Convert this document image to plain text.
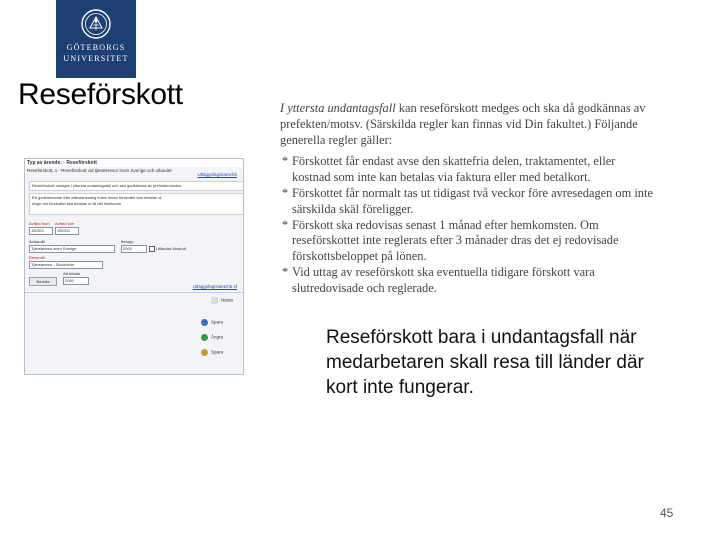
GÖTEBORGS
UNIVERSITET
Reseförskott
Typ av ärende: - Reseförskott
Reseförskott, 1 - Reseförskott vid tjänsteresor inom Sverige och utlandet
Utläggsfägistaetchb
Reseförskott medges i yttersta undantagsfall och ska godkännas av prefekten/motsv.
Ett godkännande från attestansvarig krävs innan förskottet kan betalas ut.
Ange om förskottet ska betalas ut till ditt lönekonto.
Avfärd from Avfärd tom
150311	150311
Ändamål	Belopp
Tjänsteresa inom Sverige	2000	Utländsk förskott
Resemål
Tjänsteresa - Stockholm
Att betala
Bereda	2000
Utläggsfägistaetchb.sf
Nästa
Spara
Ångra
Spara

I yttersta undantagsfall kan reseförskott medges och ska då godkännas av prefekten/motsv. (Särskilda regler kan finnas vid Din fakultet.) Följande generella regler gäller:

* Förskottet får endast avse den skattefria delen, traktamentet, eller kostnad som inte kan betalas via faktura eller med betalkort.
* Förskottet får normalt tas ut tidigast två veckor före avresedagen om inte särskilda skäl föreligger.
* Förskott ska redovisas senast 1 månad efter hemkomsten. Om reseförskottet inte reglerats efter 3 månader dras det ej redovisade förskottsbeloppet på lönen.
* Vid uttag av reseförskott ska eventuella tidigare förskott vara slutredovisade och reglerade.
Reseförskott bara i undantagsfall när medarbetaren skall resa till länder där kort inte fungerar.
45
